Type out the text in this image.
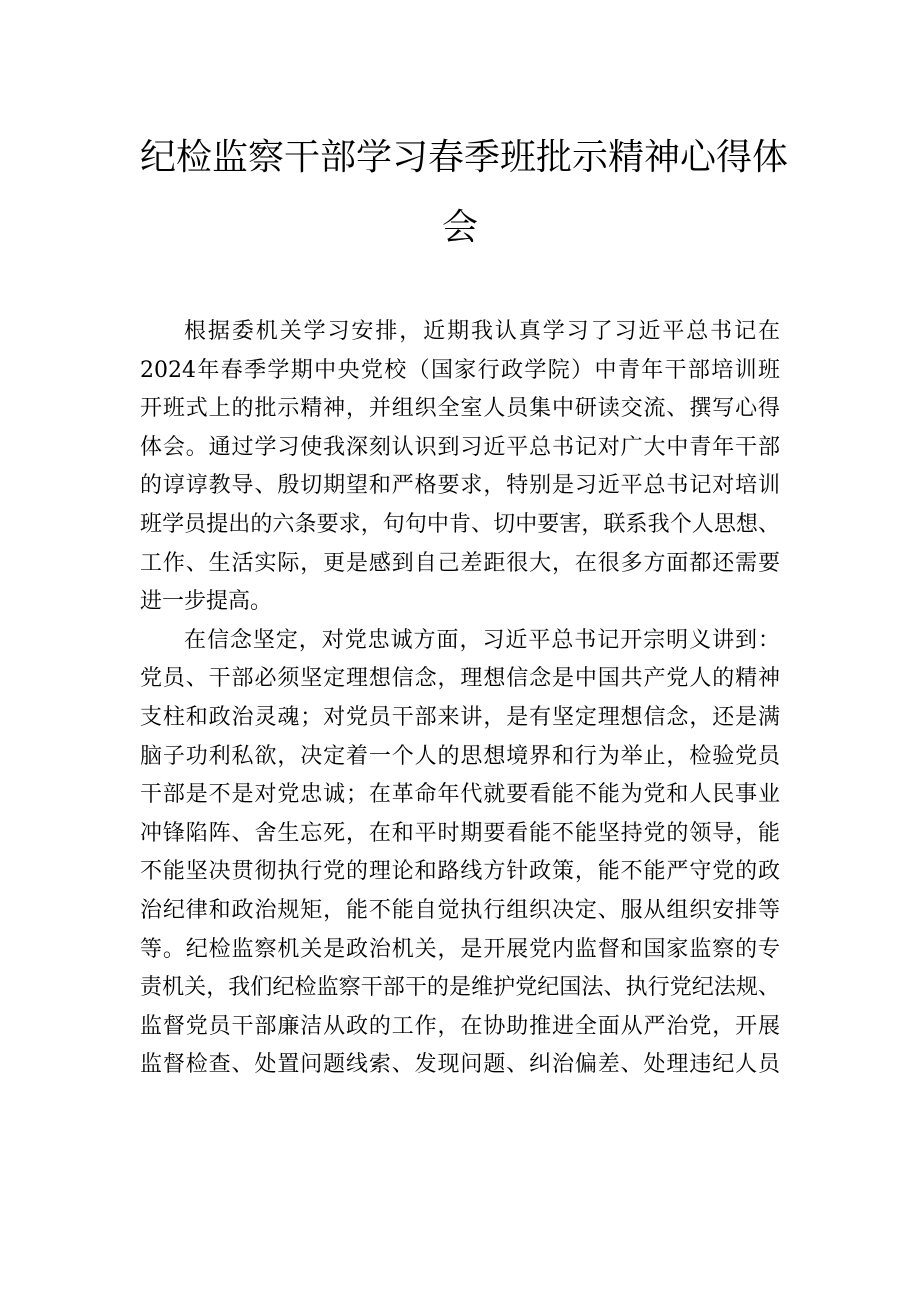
纪检监察干部学习春季班批示精神心得体
会
根据委机关学习安排，近期我认真学习了习近平总书记在
2024年春季学期中央党校（国家行政学院）中青年干部培训班
开班式上的批示精神，并组织全室人员集中研读交流、撰写心得
体会。通过学习使我深刻认识到习近平总书记对广大中青年干部
的谆谆教导、殷切期望和严格要求，特别是习近平总书记对培训
班学员提出的六条要求，句句中肯、切中要害，联系我个人思想、
工作、生活实际，更是感到自己差距很大，在很多方面都还需要
进一步提高。
在信念坚定，对党忠诚方面，习近平总书记开宗明义讲到：
党员、干部必须坚定理想信念，理想信念是中国共产党人的精神
支柱和政治灵魂；对党员干部来讲，是有坚定理想信念，还是满
脑子功利私欲，决定着一个人的思想境界和行为举止，检验党员
干部是不是对党忠诚；在革命年代就要看能不能为党和人民事业
冲锋陷阵、舍生忘死，在和平时期要看能不能坚持党的领导，能
不能坚决贯彻执行党的理论和路线方针政策，能不能严守党的政
治纪律和政治规矩，能不能自觉执行组织决定、服从组织安排等
等。纪检监察机关是政治机关，是开展党内监督和国家监察的专
责机关，我们纪检监察干部干的是维护党纪国法、执行党纪法规、
监督党员干部廉洁从政的工作，在协助推进全面从严治党，开展
监督检查、处置问题线索、发现问题、纠治偏差、处理违纪人员
